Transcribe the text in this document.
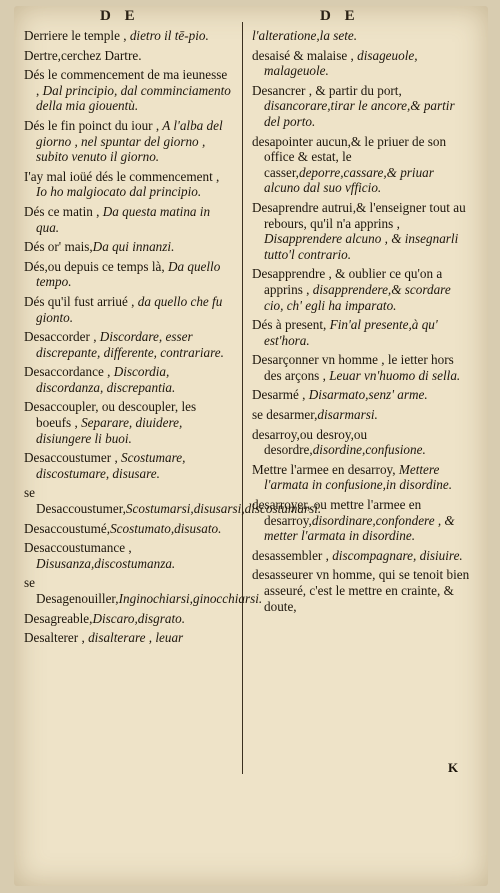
D E	D E

Derriere le temple , dietro il tē-pio.

Dertre,cerchez Dartre.

Dés le commencement de ma ieunesse , Dal principio, dal comminciamento della mia giouentù.

Dés le fin poinct du iour , A l'alba del giorno , nel spuntar del giorno , subito venuto il giorno.

I'ay mal ioüé dés le commencement , Io ho malgiocato dal principio.

Dés ce matin , Da questa matina in qua.

Dés or' mais,Da qui innanzi.

Dés,ou depuis ce temps là, Da quello tempo.

Dés qu'il fust arriué , da quello che fu gionto.

Desaccorder , Discordare, esser discrepante, differente, contrariare.

Desaccordance , Discordia, discordanza, discrepantia.

Desaccoupler, ou descoupler, les boeufs , Separare, diuidere, disiungere li buoi.

Desaccoustumer , Scostumare, discostumare, disusare.

se Desaccoustumer,Scostumarsi,disusarsi,discostumarsi.

Desaccoustumé,Scostumato,disusato.

Desaccoustumance , Disusanza,discostumanza.

se Desagenouiller,Inginochiarsi,ginocchiarsi.

Desagreable,Discaro,disgrato.

Desalterer , disalterare , leuar

l'alteratione,la sete.

desaisé & malaise , disageuole, malageuole.

Desancrer , & partir du port, disancorare,tirar le ancore,& partir del porto.

desapointer aucun,& le priuer de son office & estat, le casser,deporre,cassare,& priuar alcuno dal suo vfficio.

Desaprendre autrui,& l'enseigner tout au rebours, qu'il n'a apprins , Disapprendere alcuno , & insegnarli tutto'l contrario.

Desapprendre , & oublier ce qu'on a apprins , disapprendere,& scordare cio, ch' egli ha imparato.

Dés à present, Fin'al presente,à qu' est'hora.

Desarçonner vn homme , le ietter hors des arçons , Leuar vn'huomo di sella.

Desarmé , Disarmato,senz' arme.

se desarmer,disarmarsi.

desarroy,ou desroy,ou desordre,disordine,confusione.

Mettre l'armee en desarroy, Mettere l'armata in confusione,in disordine.

desarroyer, ou mettre l'armee en desarroy,disordinare,confondere , & metter l'armata in disordine.

desassembler , discompagnare, disiuire.

desasseurer vn homme, qui se tenoit bien asseuré, c'est le mettre en crainte, & doute,

K
